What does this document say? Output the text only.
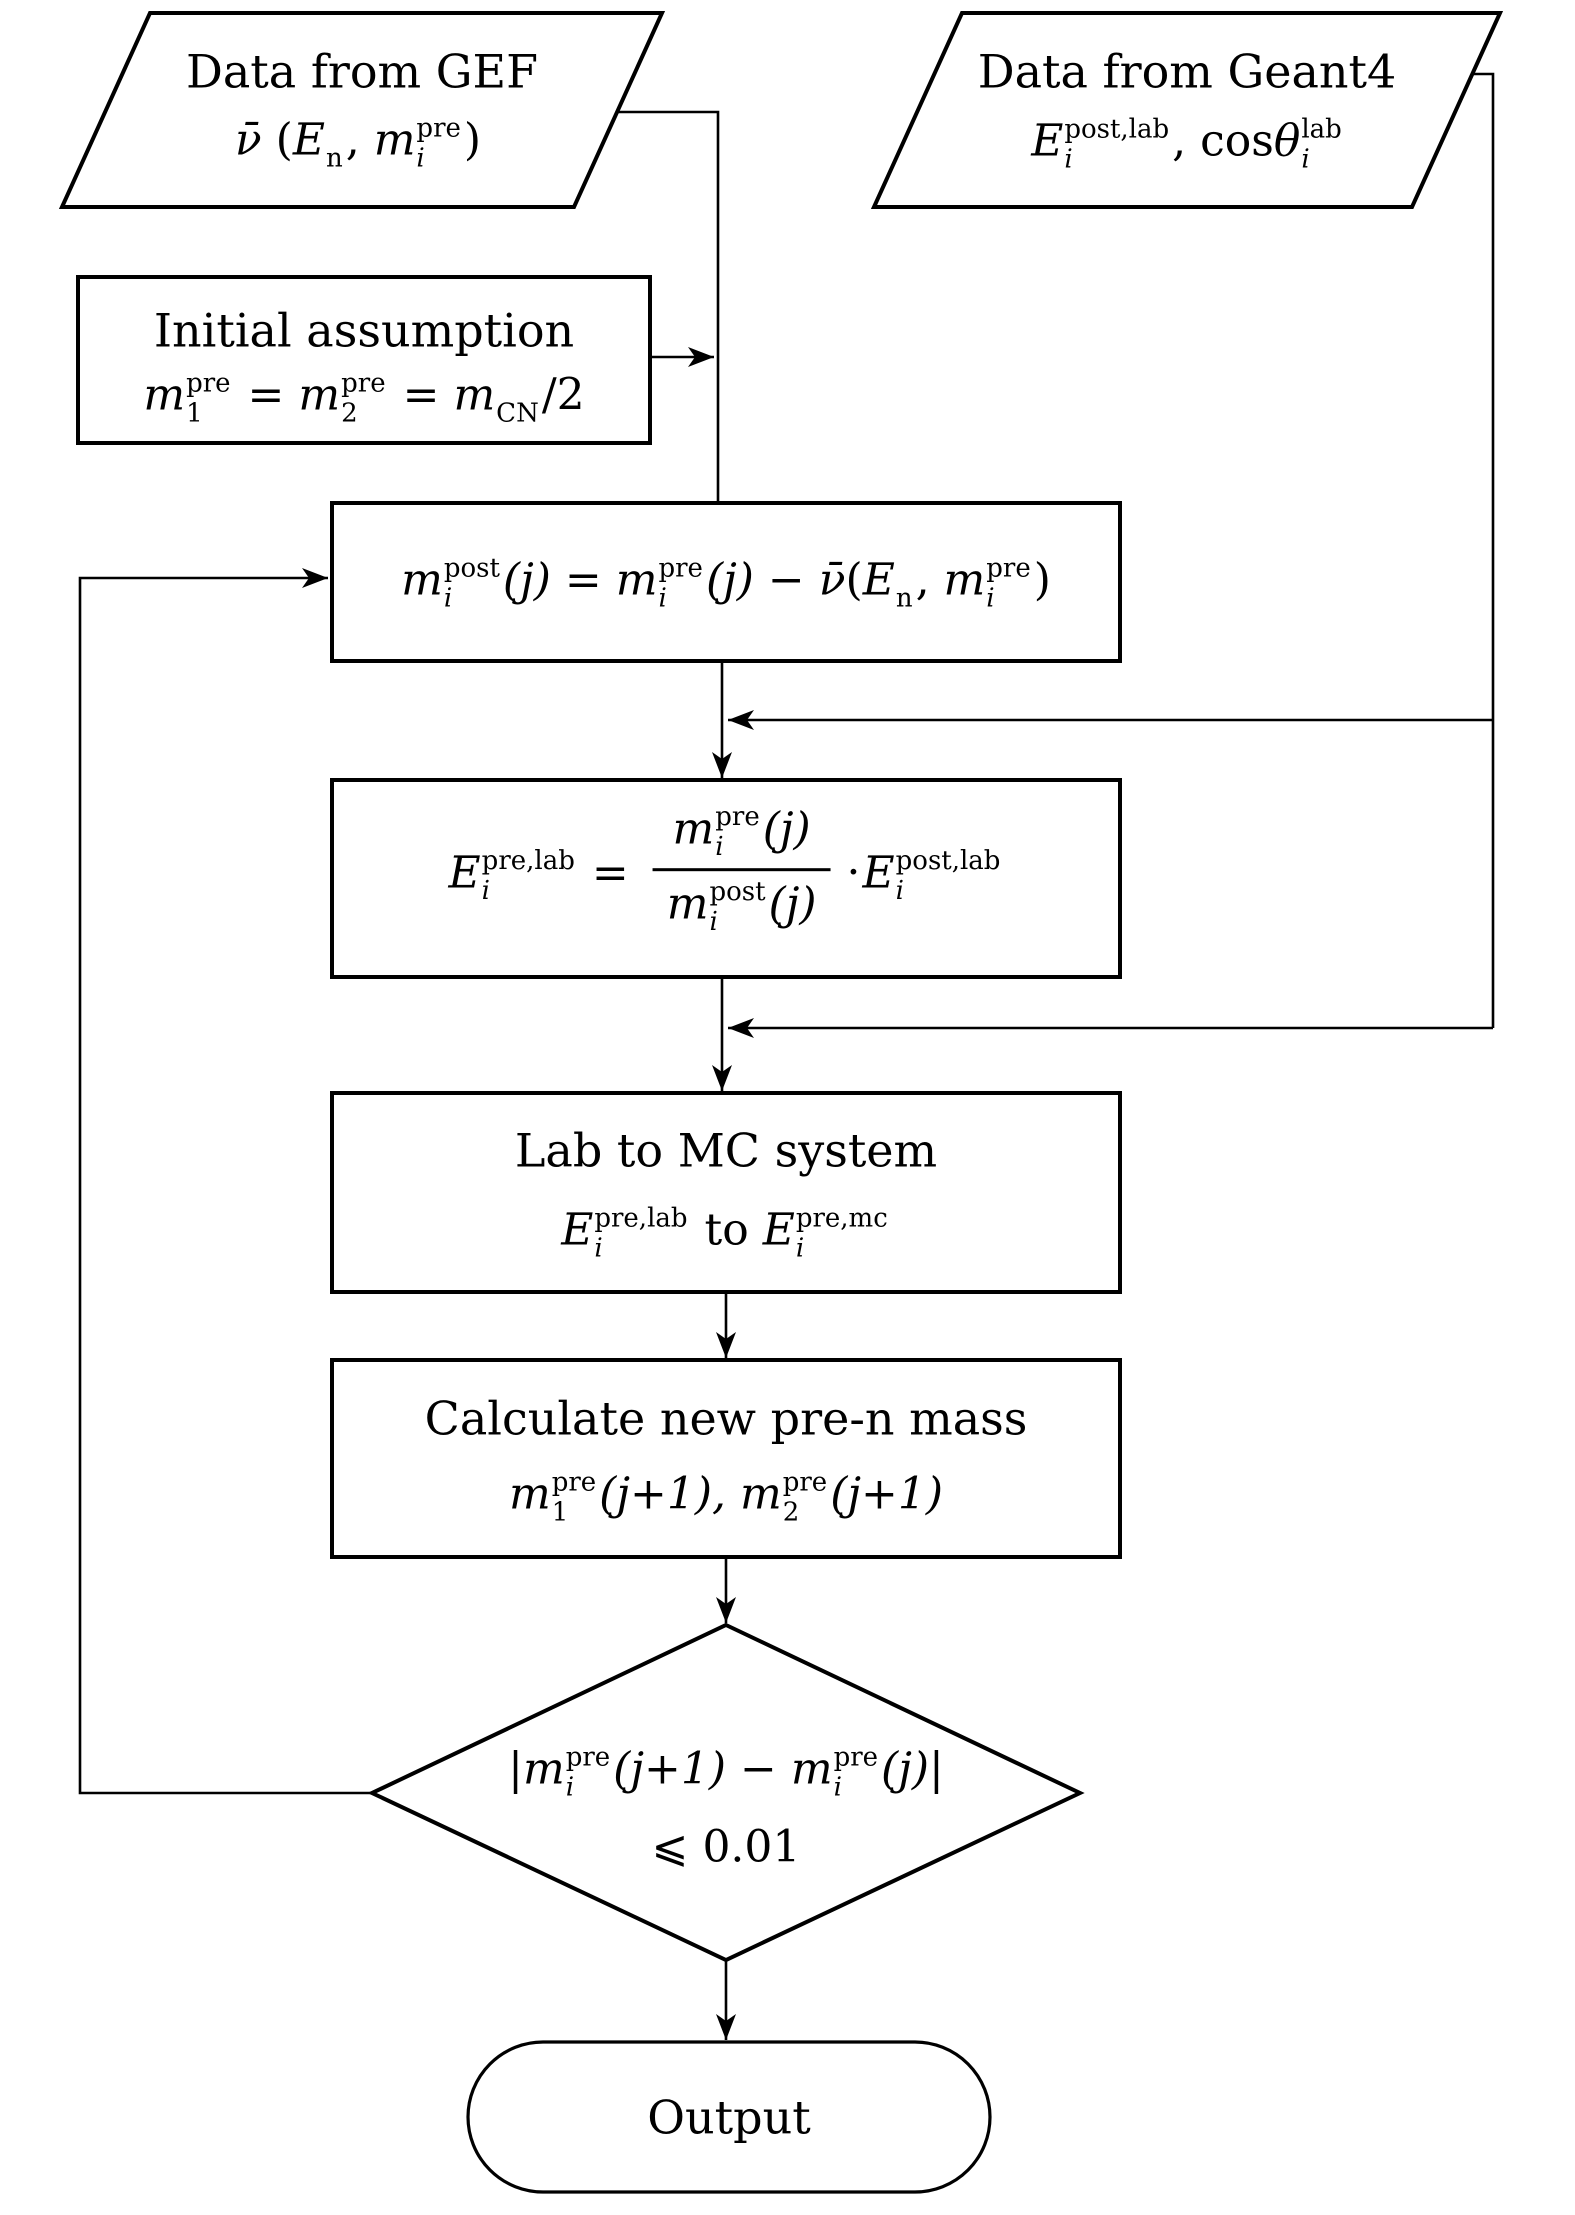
Data from GEF
ν̄ (E n , m pre
i )
Data from Geant4
E post,lab
i , cosθ lab
i
Initial assumption
m pre
1 = m pre
2 = m CN /2
m post
i (j) = m pre
i (j) − ν̄(E n , m pre
i )
E pre,lab
i = m pre
i (j)
m post
i (j) ·E post,lab
i
Lab to MC system
E pre,lab
i to E pre,mc
i
Calculate new pre-n mass
m pre
1 (j+1), m pre
2 (j+1)
|m pre
i (j+1) − m pre
i (j)|
⩽ 0.01
Output
